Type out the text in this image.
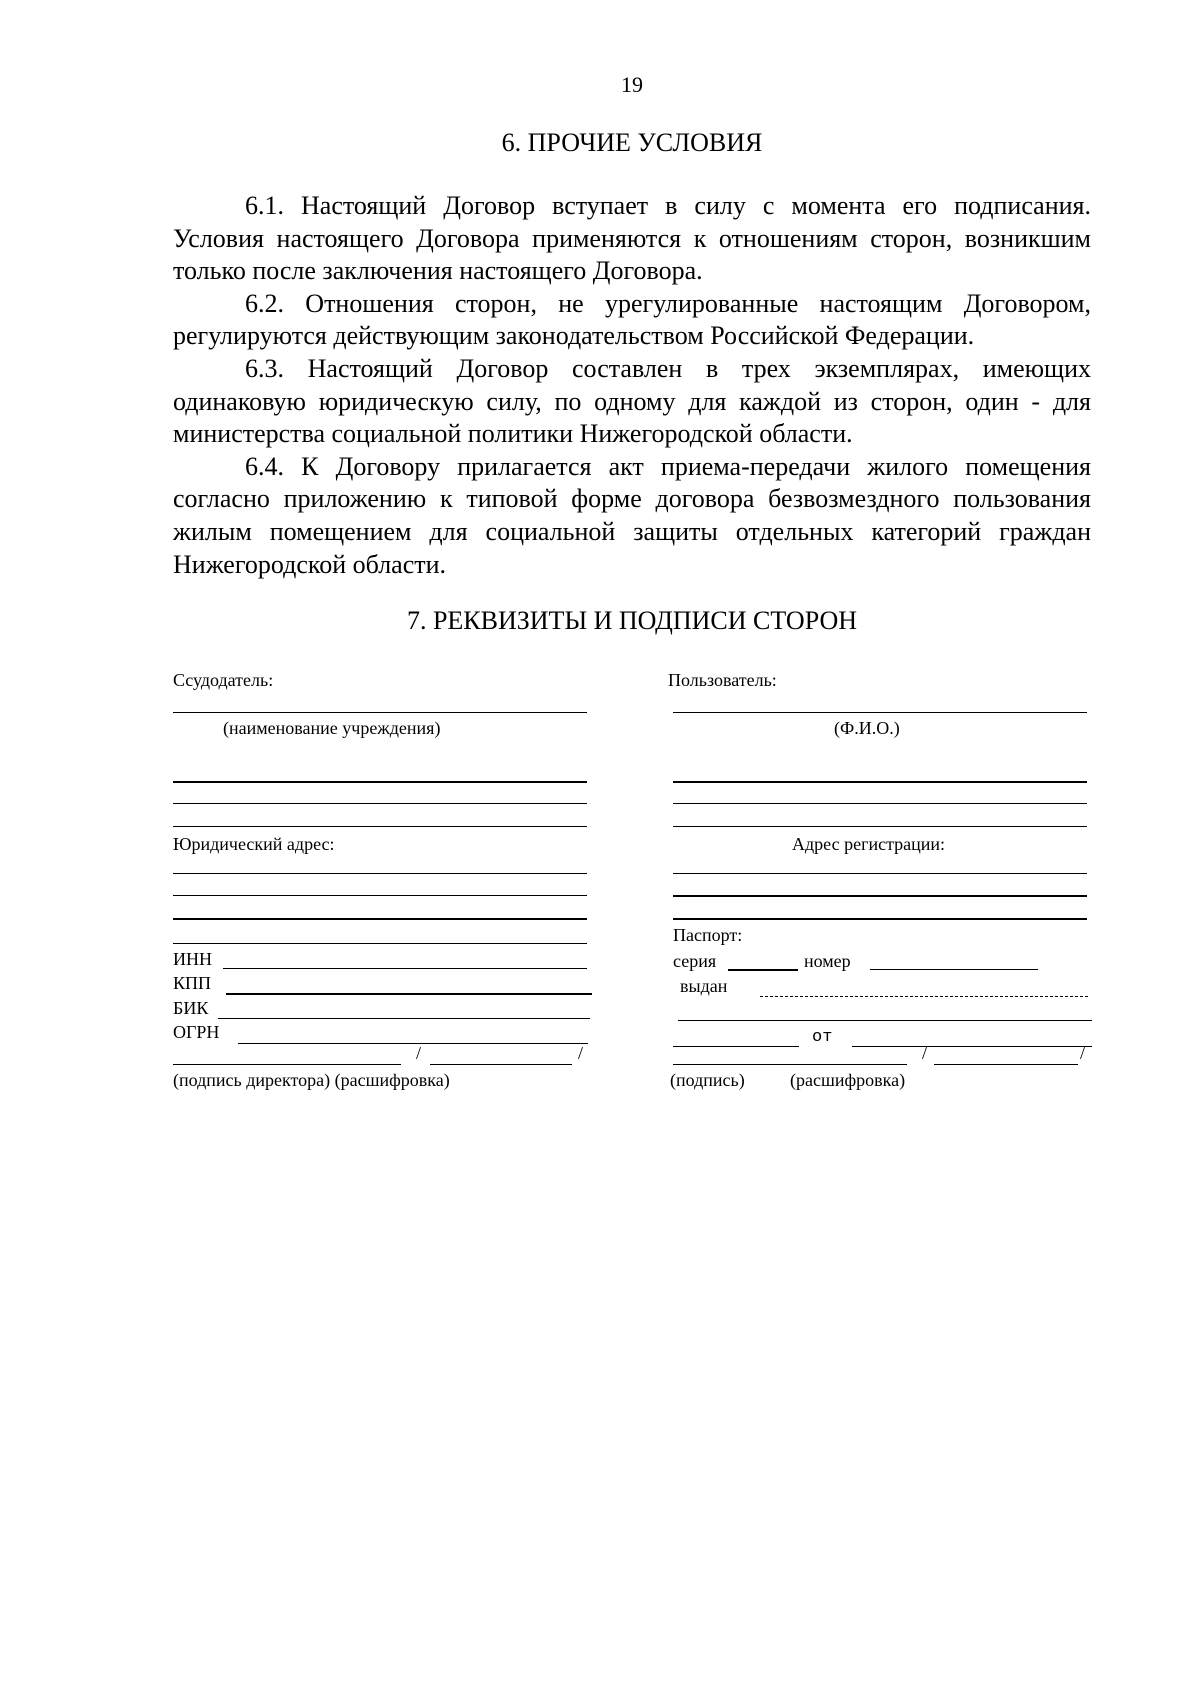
19
6. ПРОЧИЕ УСЛОВИЯ

6.1. Настоящий Договор вступает в силу с момента его подписания. Условия настоящего Договора применяются к отношениям сторон, возникшим только после заключения настоящего Договора.

6.2. Отношения сторон, не урегулированные настоящим Договором, регулируются действующим законодательством Российской Федерации.

6.3. Настоящий Договор составлен в трех экземплярах, имеющих одинаковую юридическую силу, по одному для каждой из сторон, один - для министерства социальной политики Нижегородской области.

6.4. К Договору прилагается акт приема-передачи жилого помещения согласно приложению к типовой форме договора безвозмездного пользования жилым помещением для социальной защиты отдельных категорий граждан Нижегородской области.

7. РЕКВИЗИТЫ И ПОДПИСИ СТОРОН
Ссудодатель:
(наименование учреждения)
Юридический адрес:
ИНН
КПП
БИК
ОГРН
/	/
(подпись директора) (расшифровка)
Пользователь:
(Ф.И.О.)
Адрес регистрации:
Паспорт:
серия	номер
выдан
от
/	/
(подпись)	(расшифровка)
